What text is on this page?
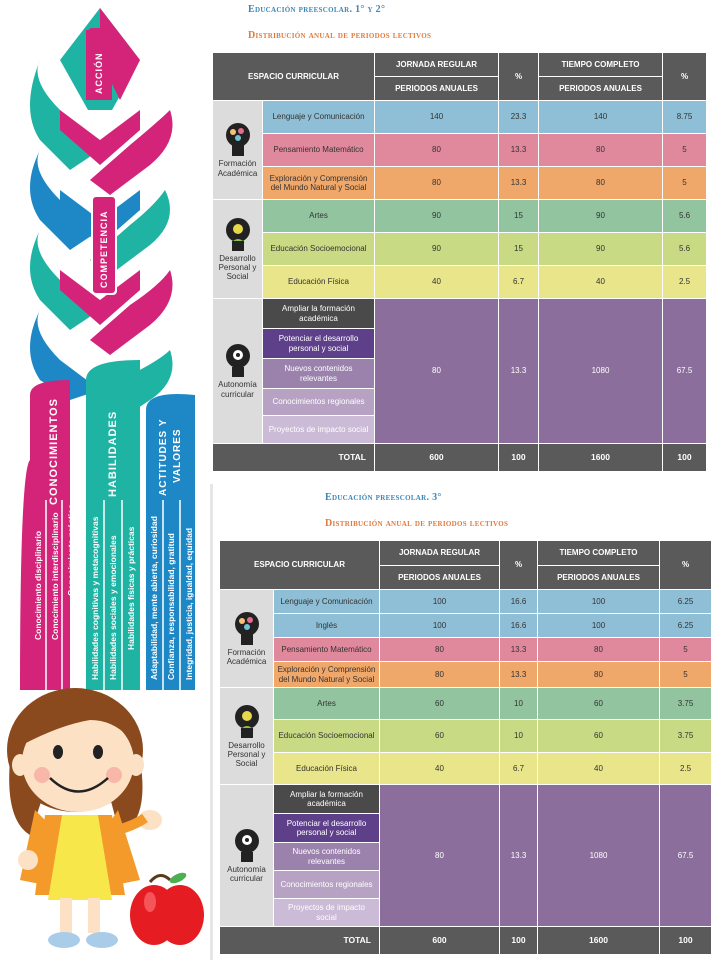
ACCIÓN
COMPETENCIA
CONOCIMIENTOS	HABILIDADES	ACTITUDES Y VALORES
Conocimiento disciplinario Conocimiento interdisciplinario Conocimiento práctico Habilidades cognitivas y metacognitivas Habilidades sociales y emocionales Habilidades físicas y prácticas Adaptabilidad, mente abierta, curiosidad Confianza, responsabilidad, gratitud Integridad, justicia, igualdad, equidad
Educación preescolar. 1° y 2°
Distribución anual de periodos lectivos
ESPACIO CURRICULAR		JORNADA REGULAR	%	TIEMPO COMPLETO	%
		PERIODOS ANUALES		PERIODOS ANUALES	

Formación Académica	Lenguaje y Comunicación	140	23.3	140	8.75
	Pensamiento Matemático	80	13.3	80	5
	Exploración y Comprensión del Mundo Natural y Social	80	13.3	80	5

Desarrollo Personal y Social	Artes	90	15	90	5.6
	Educación Socioemocional	90	15	90	5.6
	Educación Física	40	6.7	40	2.5

Autonomía curricular	Ampliar la formación académica	80	13.3	1080	67.5
	Potenciar el desarrollo personal y social				
	Nuevos contenidos relevantes				
	Conocimientos regionales				
	Proyectos de impacto social				
TOTAL		600	100	1600	100
Educación preescolar. 3°
Distribución anual de periodos lectivos
ESPACIO CURRICULAR		JORNADA REGULAR	%	TIEMPO COMPLETO	%
		PERIODOS ANUALES		PERIODOS ANUALES	

Formación Académica	Lenguaje y Comunicación	100	16.6	100	6.25
	Inglés	100	16.6	100	6.25
	Pensamiento Matemático	80	13.3	80	5
	Exploración y Comprensión del Mundo Natural y Social	80	13.3	80	5

Desarrollo Personal y Social	Artes	60	10	60	3.75
	Educación Socioemocional	60	10	60	3.75
	Educación Física	40	6.7	40	2.5

Autonomía curricular	Ampliar la formación académica	80	13.3	1080	67.5
	Potenciar el desarrollo personal y social				
	Nuevos contenidos relevantes				
	Conocimientos regionales				
	Proyectos de impacto social				
TOTAL		600	100	1600	100
